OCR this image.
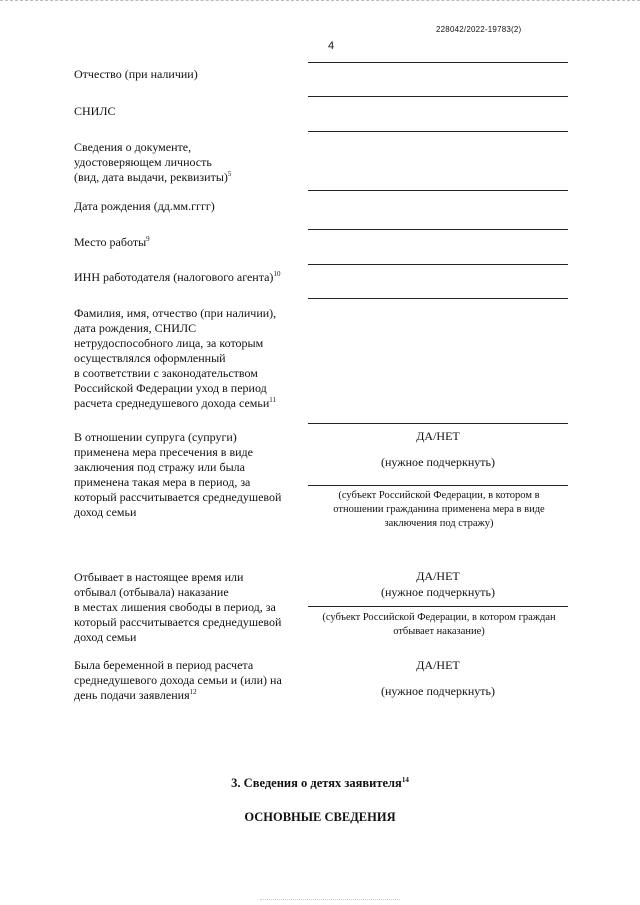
228042/2022-19783(2)
4
Отчество (при наличии)
СНИЛС
Сведения о документе,
удостоверяющем личность
(вид, дата выдачи, реквизиты)$^5$
Дата рождения (дд.мм.гггг)
Место работы$^9$
ИНН работодателя (налогового агента)$^{10}$
Фамилия, имя, отчество (при наличии),
дата рождения, СНИЛС
нетрудоспособного лица, за которым
осуществлялся оформленный
в соответствии с законодательством
Российской Федерации уход в период
расчета среднедушевого дохода семьи$^{11}$
В отношении супруга (супруги)
применена мера пресечения в виде
заключения под стражу или была
применена такая мера в период, за
который рассчитывается среднедушевой
доход семьи
ДА/НЕТ
(нужное подчеркнуть)
(субъект Российской Федерации, в котором в
отношении гражданина применена мера в виде
заключения под стражу)
Отбывает в настоящее время или
отбывал (отбывала) наказание
в местах лишения свободы в период, за
который рассчитывается среднедушевой
доход семьи
ДА/НЕТ
(нужное подчеркнуть)
(субъект Российской Федерации, в котором граждан
отбывает наказание)
Была беременной в период расчета
среднедушевого дохода семьи и (или) на
день подачи заявления$^{12}$
ДА/НЕТ
(нужное подчеркнуть)
3. Сведения о детях заявителя$^{14}$
ОСНОВНЫЕ СВЕДЕНИЯ
